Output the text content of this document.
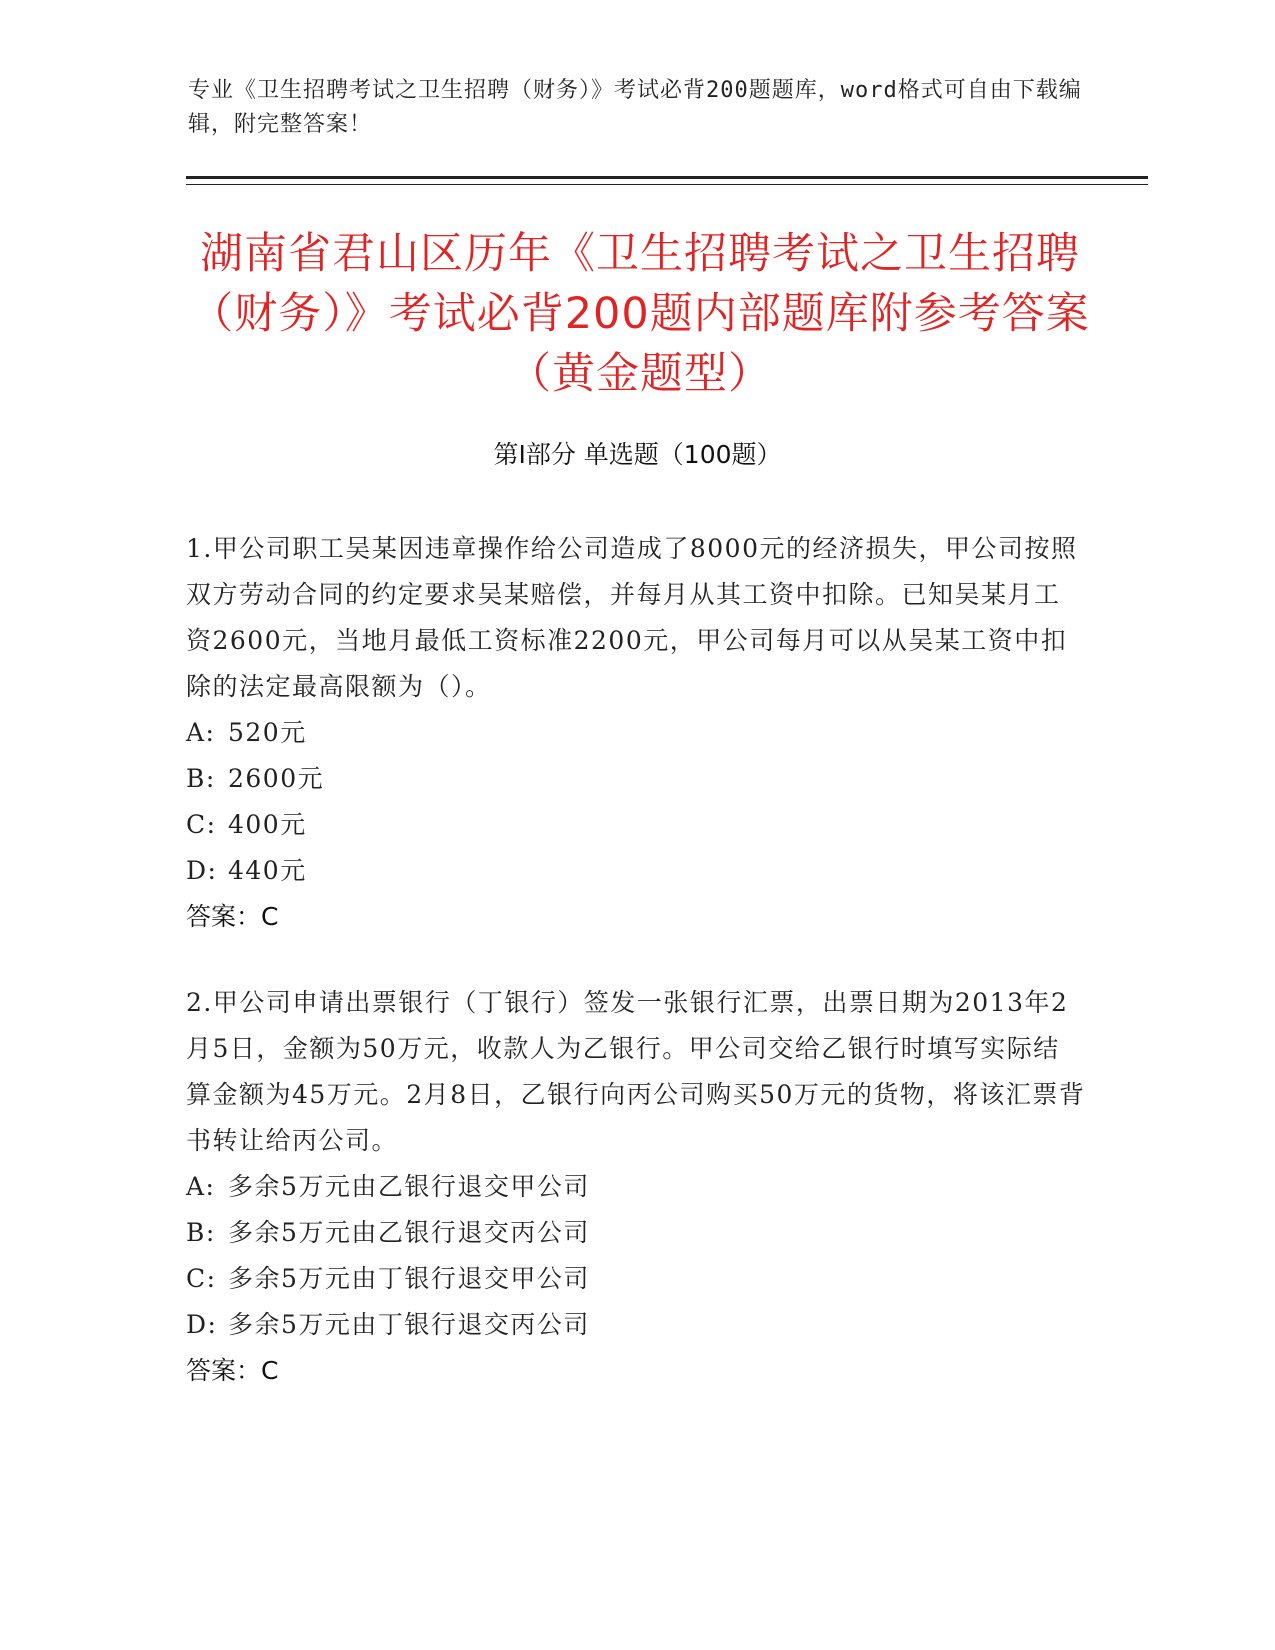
专业《卫生招聘考试之卫生招聘（财务）》考试必背200题题库，word格式可自由下载编辑，附完整答案！
湖南省君山区历年《卫生招聘考试之卫生招聘（财务）》考试必背200题内部题库附参考答案（黄金题型）
第I部分 单选题（100题）

1.甲公司职工吴某因违章操作给公司造成了8000元的经济损失，甲公司按照双方劳动合同的约定要求吴某赔偿，并每月从其工资中扣除。已知吴某月工资2600元，当地月最低工资标准2200元，甲公司每月可以从吴某工资中扣除的法定最高限额为（）。

A: 520元

B: 2600元

C: 400元

D: 440元

答案：C

2.甲公司申请出票银行（丁银行）签发一张银行汇票，出票日期为2013年2月5日，金额为50万元，收款人为乙银行。甲公司交给乙银行时填写实际结算金额为45万元。2月8日，乙银行向丙公司购买50万元的货物，将该汇票背书转让给丙公司。

A: 多余5万元由乙银行退交甲公司

B: 多余5万元由乙银行退交丙公司

C: 多余5万元由丁银行退交甲公司

D: 多余5万元由丁银行退交丙公司

答案：C
